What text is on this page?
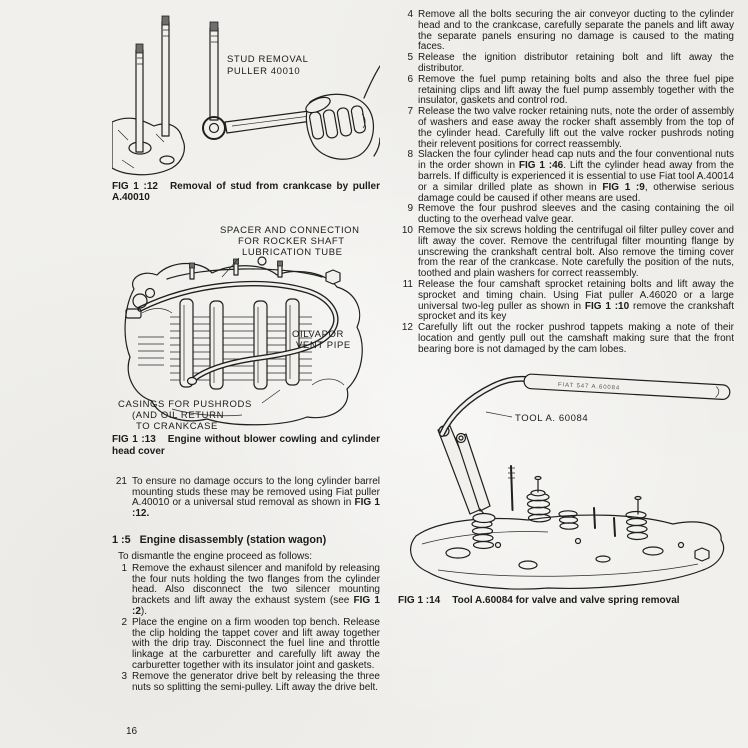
STUD REMOVAL
PULLER 40010

FIG 1 :12 Removal of stud from crankcase by puller A.40010

SPACER AND CONNECTION
FOR ROCKER SHAFT
LUBRICATION TUBE
OILVAPOR
VENT PIPE
CASINGS FOR PUSHRODS
(AND OIL RETURN
TO CRANKCASE

FIG 1 :13 Engine without blower cowling and cylinder head cover

21 To ensure no damage occurs to the long cylinder barrel mounting studs these may be removed using Fiat puller A.40010 or a universal stud removal as shown in FIG 1 :12.

1 :5 Engine disassembly (station wagon)

To dismantle the engine proceed as follows:

1 Remove the exhaust silencer and manifold by releasing the four nuts holding the two flanges from the cylinder head. Also disconnect the two silencer mounting brackets and lift away the exhaust system (see FIG 1 :2).

2 Place the engine on a firm wooden top bench. Release the clip holding the tappet cover and lift away together with the drip tray. Disconnect the fuel line and throttle linkage at the carburetter and carefully lift away the carburetter together with its insulator joint and gaskets.

3 Remove the generator drive belt by releasing the three nuts so splitting the semi-pulley. Lift away the drive belt.

4 Remove all the bolts securing the air conveyor ducting to the cylinder head and to the crankcase, carefully separate the panels and lift away the separate panels ensuring no damage is caused to the mating faces.

5 Release the ignition distributor retaining bolt and lift away the distributor.

6 Remove the fuel pump retaining bolts and also the three fuel pipe retaining clips and lift away the fuel pump assembly together with the insulator, gaskets and control rod.

7 Release the two valve rocker retaining nuts, note the order of assembly of washers and ease away the rocker shaft assembly from the top of the cylinder head. Carefully lift out the valve rocker pushrods noting their relevent positions for correct reassembly.

8 Slacken the four cylinder head cap nuts and the four conventional nuts in the order shown in FIG 1 :46. Lift the cylinder head away from the barrels. If difficulty is experienced it is essential to use Fiat tool A.40014 or a similar drilled plate as shown in FIG 1 :9, otherwise serious damage could be caused if other means are used.

9 Remove the four pushrod sleeves and the casing containing the oil ducting to the overhead valve gear.

10 Remove the six screws holding the centrifugal oil filter pulley cover and lift away the cover. Remove the centrifugal filter mounting flange by unscrewing the crankshaft central bolt. Also remove the timing cover from the rear of the crankcase. Note carefully the position of the nuts, toothed and plain washers for correct reassembly.

11 Release the four camshaft sprocket retaining bolts and lift away the sprocket and timing chain. Using Fiat puller A.46020 or a large universal two-leg puller as shown in FIG 1 :10 remove the crankshaft sprocket and its key

12 Carefully lift out the rocker pushrod tappets making a note of their location and gently pull out the camshaft making sure that the front bearing bore is not damaged by the cam lobes.

FIAT 547 A.60084
TOOL A. 60084

FIG 1 :14 Tool A.60084 for valve and valve spring removal

16
